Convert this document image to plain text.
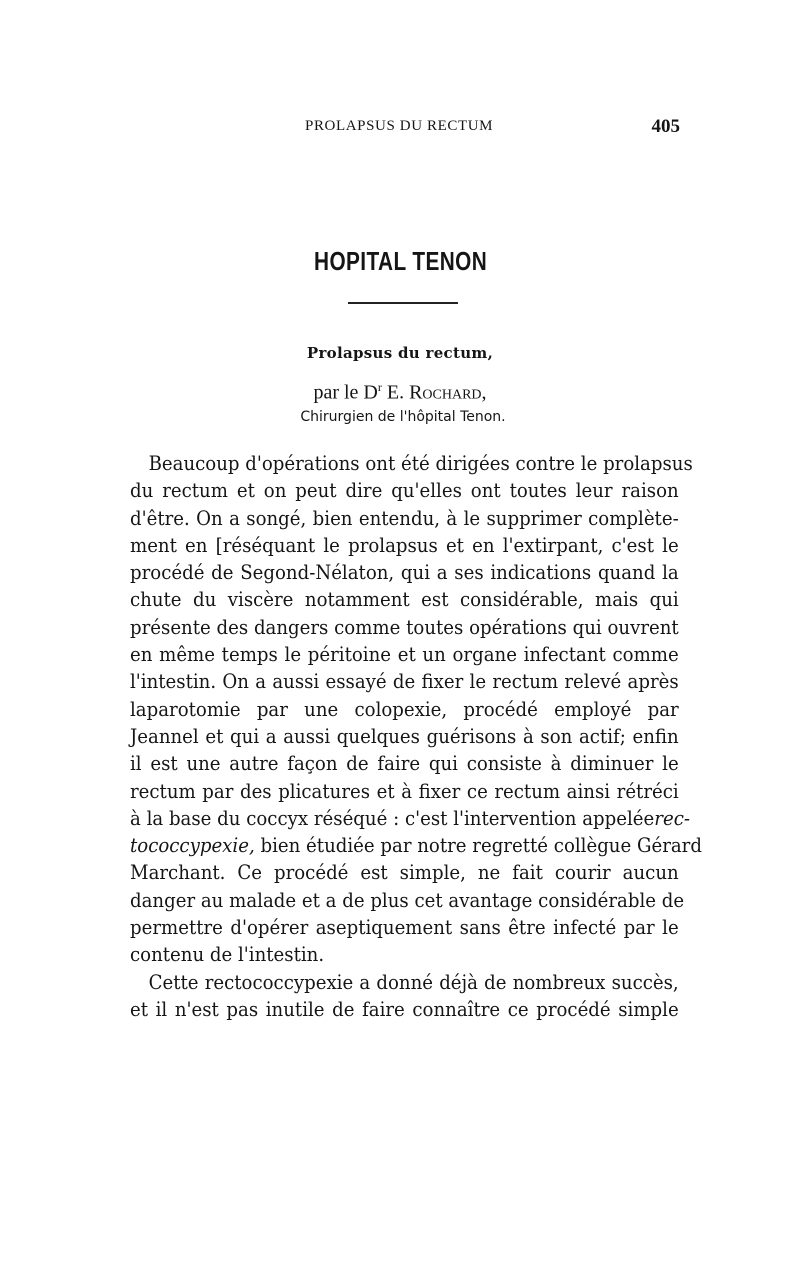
PROLAPSUS DU RECTUM	405
HOPITAL TENON
Prolapsus du rectum,
par le $D^r$ E. Rochard,
Chirurgien de l'hôpital Tenon.
Beaucoup d'opérations ont été dirigées contre le prolapsus
du rectum et on peut dire qu'elles ont toutes leur raison
d'être. On a songé, bien entendu, à le supprimer complète-
ment en [réséquant le prolapsus et en l'extirpant, c'est le
procédé de Segond-Nélaton, qui a ses indications quand la
chute du viscère notamment est considérable, mais qui
présente des dangers comme toutes opérations qui ouvrent
en même temps le péritoine et un organe infectant comme
l'intestin. On a aussi essayé de fixer le rectum relevé après
laparotomie par une colopexie, procédé employé par
Jeannel et qui a aussi quelques guérisons à son actif; enfin
il est une autre façon de faire qui consiste à diminuer le
rectum par des plicatures et à fixer ce rectum ainsi rétréci
à la base du coccyx réséqué : c'est l'intervention appeléerec-
tococcypexie, bien étudiée par notre regretté collègue Gérard
Marchant. Ce procédé est simple, ne fait courir aucun
danger au malade et a de plus cet avantage considérable de
permettre d'opérer aseptiquement sans être infecté par le
contenu de l'intestin.
Cette rectococcypexie a donné déjà de nombreux succès,
et il n'est pas inutile de faire connaître ce procédé simple
